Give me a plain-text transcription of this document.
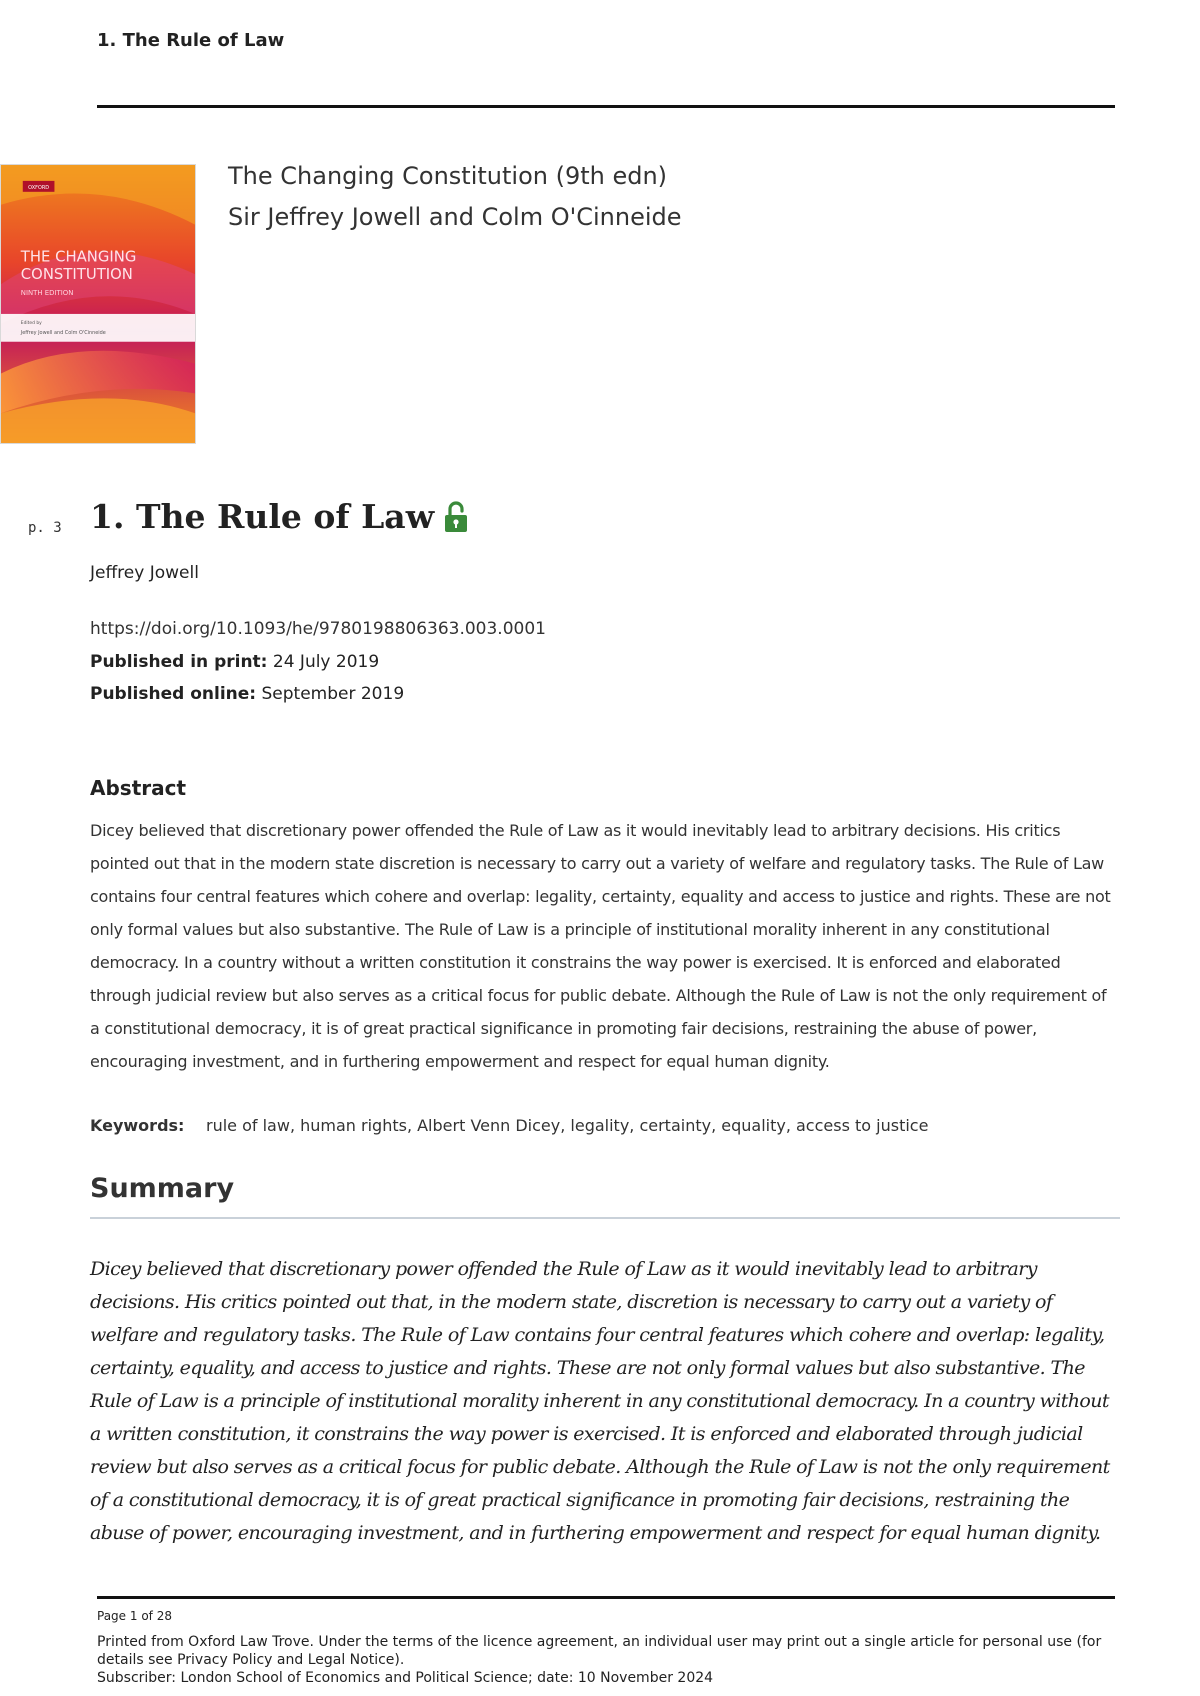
1. The Rule of Law
OXFORD
THE CHANGING
CONSTITUTION
NINTH EDITION
Edited by
Jeffrey Jowell and Colm O'Cinneide
The Changing Constitution (9th edn)
Sir Jeffrey Jowell and Colm O'Cinneide
p. 3 1. The Rule of Law
Jeffrey Jowell
https://doi.org/10.1093/he/9780198806363.003.0001
Published in print: 24 July 2019
Published online: September 2019
Abstract
Dicey believed that discretionary power offended the Rule of Law as it would inevitably lead to arbitrary decisions. His critics pointed out that in the modern state discretion is necessary to carry out a variety of welfare and regulatory tasks. The Rule of Law contains four central features which cohere and overlap: legality, certainty, equality and access to justice and rights. These are not only formal values but also substantive. The Rule of Law is a principle of institutional morality inherent in any constitutional democracy. In a country without a written constitution it constrains the way power is exercised. It is enforced and elaborated through judicial review but also serves as a critical focus for public debate. Although the Rule of Law is not the only requirement of a constitutional democracy, it is of great practical significance in promoting fair decisions, restraining the abuse of power, encouraging investment, and in furthering empowerment and respect for equal human dignity.
Keywords:	rule of law, human rights, Albert Venn Dicey, legality, certainty, equality, access to justice
Summary
Dicey believed that discretionary power offended the Rule of Law as it would inevitably lead to arbitrary decisions. His critics pointed out that, in the modern state, discretion is necessary to carry out a variety of welfare and regulatory tasks. The Rule of Law contains four central features which cohere and overlap: legality, certainty, equality, and access to justice and rights. These are not only formal values but also substantive. The Rule of Law is a principle of institutional morality inherent in any constitutional democracy. In a country without a written constitution, it constrains the way power is exercised. It is enforced and elaborated through judicial review but also serves as a critical focus for public debate. Although the Rule of Law is not the only requirement of a constitutional democracy, it is of great practical significance in promoting fair decisions, restraining the abuse of power, encouraging investment, and in furthering empowerment and respect for equal human dignity.
Page 1 of 28
Printed from Oxford Law Trove. Under the terms of the licence agreement, an individual user may print out a single article for personal use (for details see Privacy Policy and Legal Notice).
Subscriber: London School of Economics and Political Science; date: 10 November 2024
